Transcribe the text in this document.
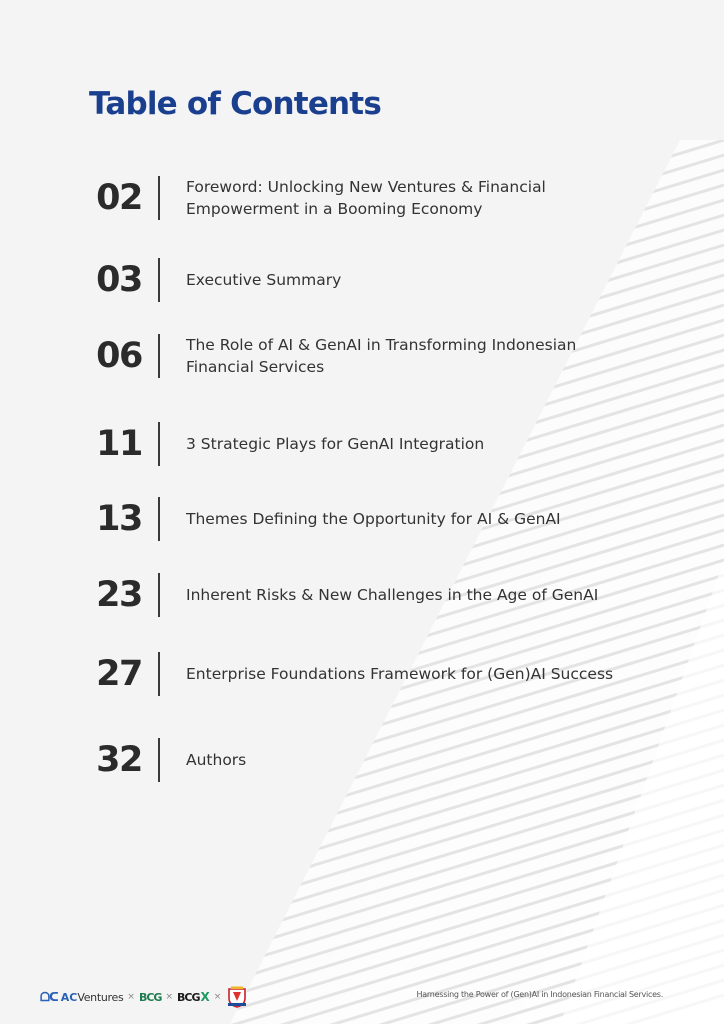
Table of Contents
02	Foreword: Unlocking New Ventures & Financial Empowerment in a Booming Economy
03	Executive Summary
06	The Role of AI & GenAI in Transforming Indonesian Financial Services
11	3 Strategic Plays for GenAI Integration
13	Themes Defining the Opportunity for AI & GenAI
23	Inherent Risks & New Challenges in the Age of GenAI
27	Enterprise Foundations Framework for (Gen)AI Success
32	Authors
ᗝᑕ AC Ventures × BCG × BCG X ×	Harnessing the Power of (Gen)AI in Indonesian Financial Services.
